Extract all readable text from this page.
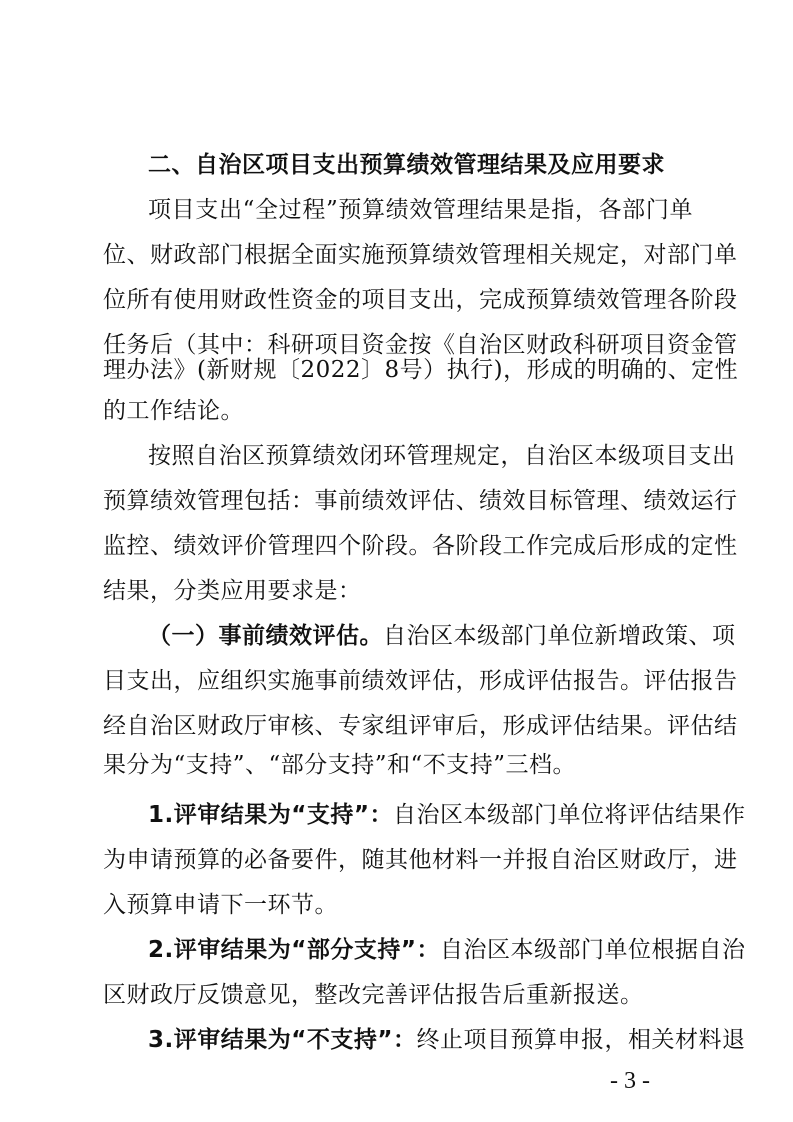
二、自治区项目支出预算绩效管理结果及应用要求
项目支出“全过程”预算绩效管理结果是指，各部门单
位、财政部门根据全面实施预算绩效管理相关规定，对部门单
位所有使用财政性资金的项目支出，完成预算绩效管理各阶段
任务后（其中：科研项目资金按《自治区财政科研项目资金管
理办法》(新财规〔2022〕8号）执行)，形成的明确的、定性
的工作结论。
按照自治区预算绩效闭环管理规定，自治区本级项目支出
预算绩效管理包括：事前绩效评估、绩效目标管理、绩效运行
监控、绩效评价管理四个阶段。各阶段工作完成后形成的定性
结果，分类应用要求是：
（一）事前绩效评估。自治区本级部门单位新增政策、项
目支出，应组织实施事前绩效评估，形成评估报告。评估报告
经自治区财政厅审核、专家组评审后，形成评估结果。评估结
果分为“支持”、“部分支持”和“不支持”三档。
1.评审结果为“支持”：自治区本级部门单位将评估结果作
为申请预算的必备要件，随其他材料一并报自治区财政厅，进
入预算申请下一环节。
2.评审结果为“部分支持”：自治区本级部门单位根据自治
区财政厅反馈意见，整改完善评估报告后重新报送。
3.评审结果为“不支持”：终止项目预算申报，相关材料退
- 3 -
